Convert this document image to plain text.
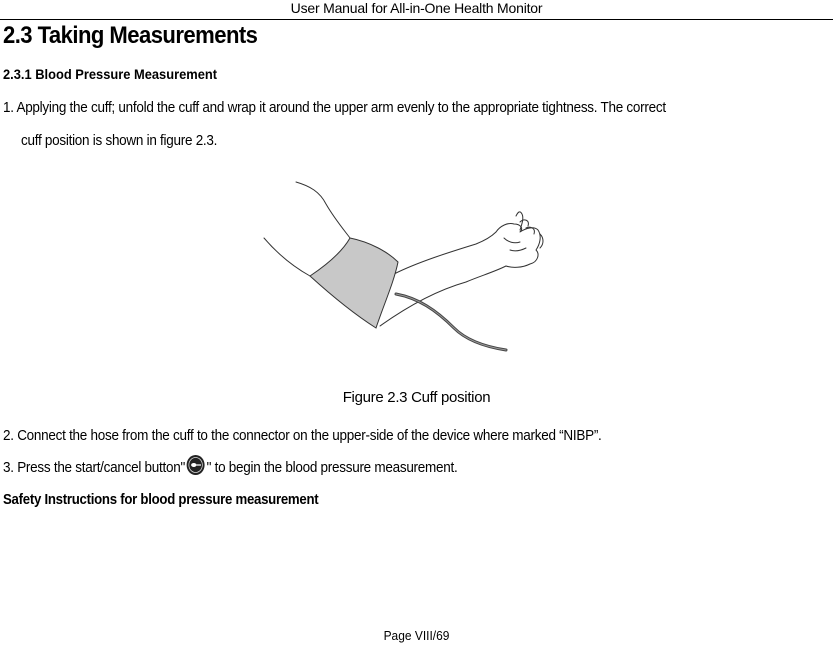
User Manual for All-in-One Health Monitor
2.3 Taking Measurements
2.3.1 Blood Pressure Measurement
1. Applying the cuff; unfold the cuff and wrap it around the upper arm evenly to the appropriate tightness. The correct
cuff position is shown in figure 2.3.
Figure 2.3 Cuff position
2. Connect the hose from the cuff to the connector on the upper-side of the device where marked “NIBP”.
3. Press the start/cancel button" " to begin the blood pressure measurement.
Safety Instructions for blood pressure measurement
Page VIII/69
